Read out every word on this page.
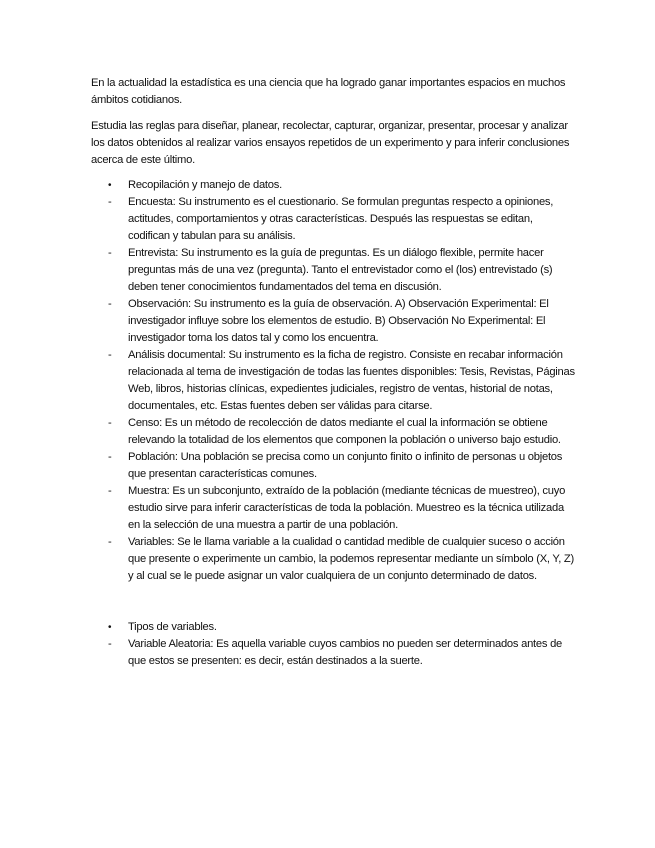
En la actualidad la estadística es una ciencia que ha logrado ganar importantes espacios en muchos ámbitos cotidianos.

Estudia las reglas para diseñar, planear, recolectar, capturar, organizar, presentar, procesar y analizar los datos obtenidos al realizar varios ensayos repetidos de un experimento y para inferir conclusiones acerca de este último.

•	Recopilación y manejo de datos.
-	Encuesta: Su instrumento es el cuestionario. Se formulan preguntas respecto a opiniones, actitudes, comportamientos y otras características. Después las respuestas se editan, codifican y tabulan para su análisis.
-	Entrevista: Su instrumento es la guía de preguntas. Es un diálogo flexible, permite hacer preguntas más de una vez (pregunta). Tanto el entrevistador como el (los) entrevistado (s) deben tener conocimientos fundamentados del tema en discusión.
-	Observación: Su instrumento es la guía de observación. A) Observación Experimental: El investigador influye sobre los elementos de estudio. B) Observación No Experimental: El investigador toma los datos tal y como los encuentra.
-	Análisis documental: Su instrumento es la ficha de registro. Consiste en recabar información relacionada al tema de investigación de todas las fuentes disponibles: Tesis, Revistas, Páginas Web, libros, historias clínicas, expedientes judiciales, registro de ventas, historial de notas, documentales, etc. Estas fuentes deben ser válidas para citarse.
-	Censo: Es un método de recolección de datos mediante el cual la información se obtiene relevando la totalidad de los elementos que componen la población o universo bajo estudio.
-	Población: Una población se precisa como un conjunto finito o infinito de personas u objetos que presentan características comunes.
-	Muestra: Es un subconjunto, extraído de la población (mediante técnicas de muestreo), cuyo estudio sirve para inferir características de toda la población. Muestreo es la técnica utilizada en la selección de una muestra a partir de una población.
-	Variables: Se le llama variable a la cualidad o cantidad medible de cualquier suceso o acción que presente o experimente un cambio, la podemos representar mediante un símbolo (X, Y, Z) y al cual se le puede asignar un valor cualquiera de un conjunto determinado de datos.
•	Tipos de variables.
-	Variable Aleatoria: Es aquella variable cuyos cambios no pueden ser determinados antes de que estos se presenten: es decir, están destinados a la suerte.
